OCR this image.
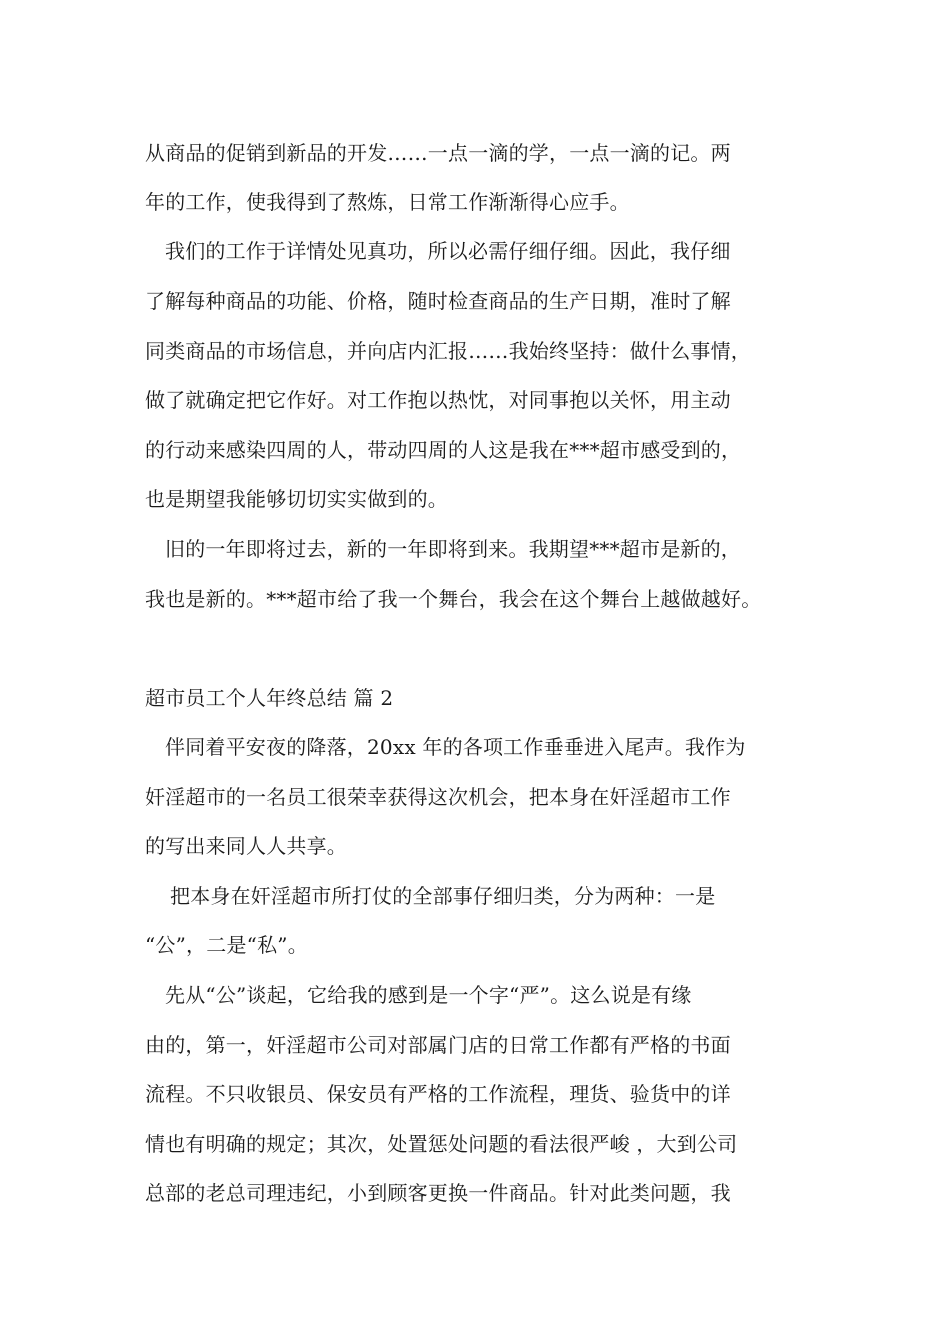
从商品的促销到新品的开发……一点一滴的学，一点一滴的记。两
年的工作，使我得到了熬炼，日常工作渐渐得心应手。
我们的工作于详情处见真功，所以必需仔细仔细。因此，我仔细
了解每种商品的功能、价格，随时检查商品的生产日期，准时了解
同类商品的市场信息，并向店内汇报……我始终坚持：做什么事情，
做了就确定把它作好。对工作抱以热忱，对同事抱以关怀，用主动
的行动来感染四周的人，带动四周的人这是我在***超市感受到的，
也是期望我能够切切实实做到的。
旧的一年即将过去，新的一年即将到来。我期望***超市是新的，
我也是新的。***超市给了我一个舞台，我会在这个舞台上越做越好。
超市员工个人年终总结 篇 2
伴同着平安夜的降落，20xx 年的各项工作垂垂进入尾声。我作为
奸淫超市的一名员工很荣幸获得这次机会，把本身在奸淫超市工作
的写出来同人人共享。
把本身在奸淫超市所打仗的全部事仔细归类，分为两种：一是
“公”，二是“私”。
先从“公”谈起，它给我的感到是一个字“严”。这么说是有缘
由的，第一，奸淫超市公司对部属门店的日常工作都有严格的书面
流程。不只收银员、保安员有严格的工作流程，理货、验货中的详
情也有明确的规定；其次，处置惩处问题的看法很严峻 ，大到公司
总部的老总司理违纪，小到顾客更换一件商品。针对此类问题，我
